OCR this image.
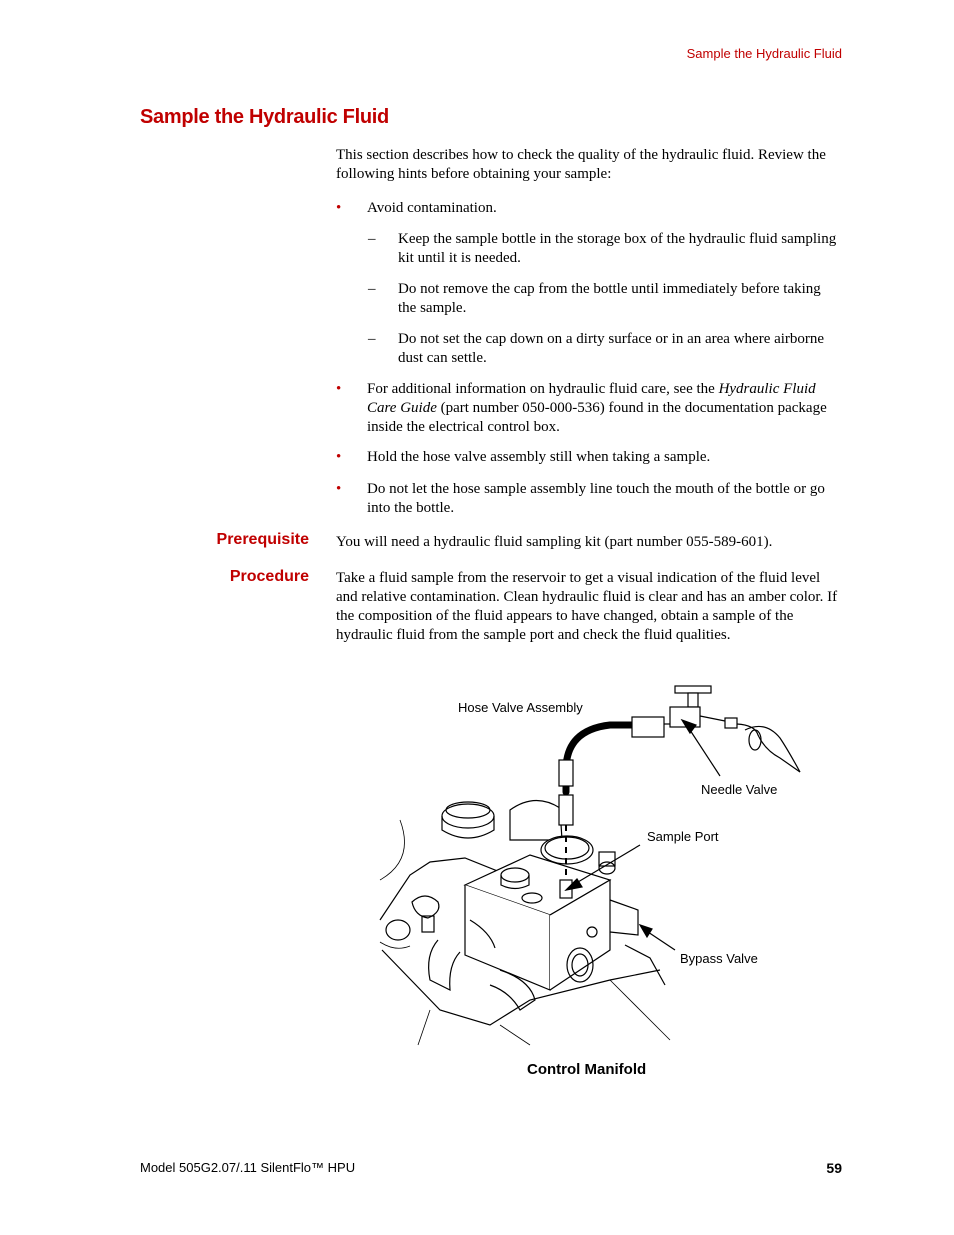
Sample the Hydraulic Fluid
Sample the Hydraulic Fluid
This section describes how to check the quality of the hydraulic fluid. Review the following hints before obtaining your sample:
• Avoid contamination.
– Keep the sample bottle in the storage box of the hydraulic fluid sampling kit until it is needed.
– Do not remove the cap from the bottle until immediately before taking the sample.
– Do not set the cap down on a dirty surface or in an area where airborne dust can settle.
• For additional information on hydraulic fluid care, see the Hydraulic Fluid Care Guide (part number 050-000-536) found in the documentation package inside the electrical control box.
• Hold the hose valve assembly still when taking a sample.
• Do not let the hose sample assembly line touch the mouth of the bottle or go into the bottle.
Prerequisite You will need a hydraulic fluid sampling kit (part number 055-589-601).
Procedure Take a fluid sample from the reservoir to get a visual indication of the fluid level and relative contamination. Clean hydraulic fluid is clear and has an amber color. If the composition of the fluid appears to have changed, obtain a sample of the hydraulic fluid from the sample port and check the fluid qualities.
Hose Valve Assembly
Needle Valve
Sample Port
Bypass Valve
Control Manifold
Model 505G2.07/.11 SilentFlo™ HPU	59
